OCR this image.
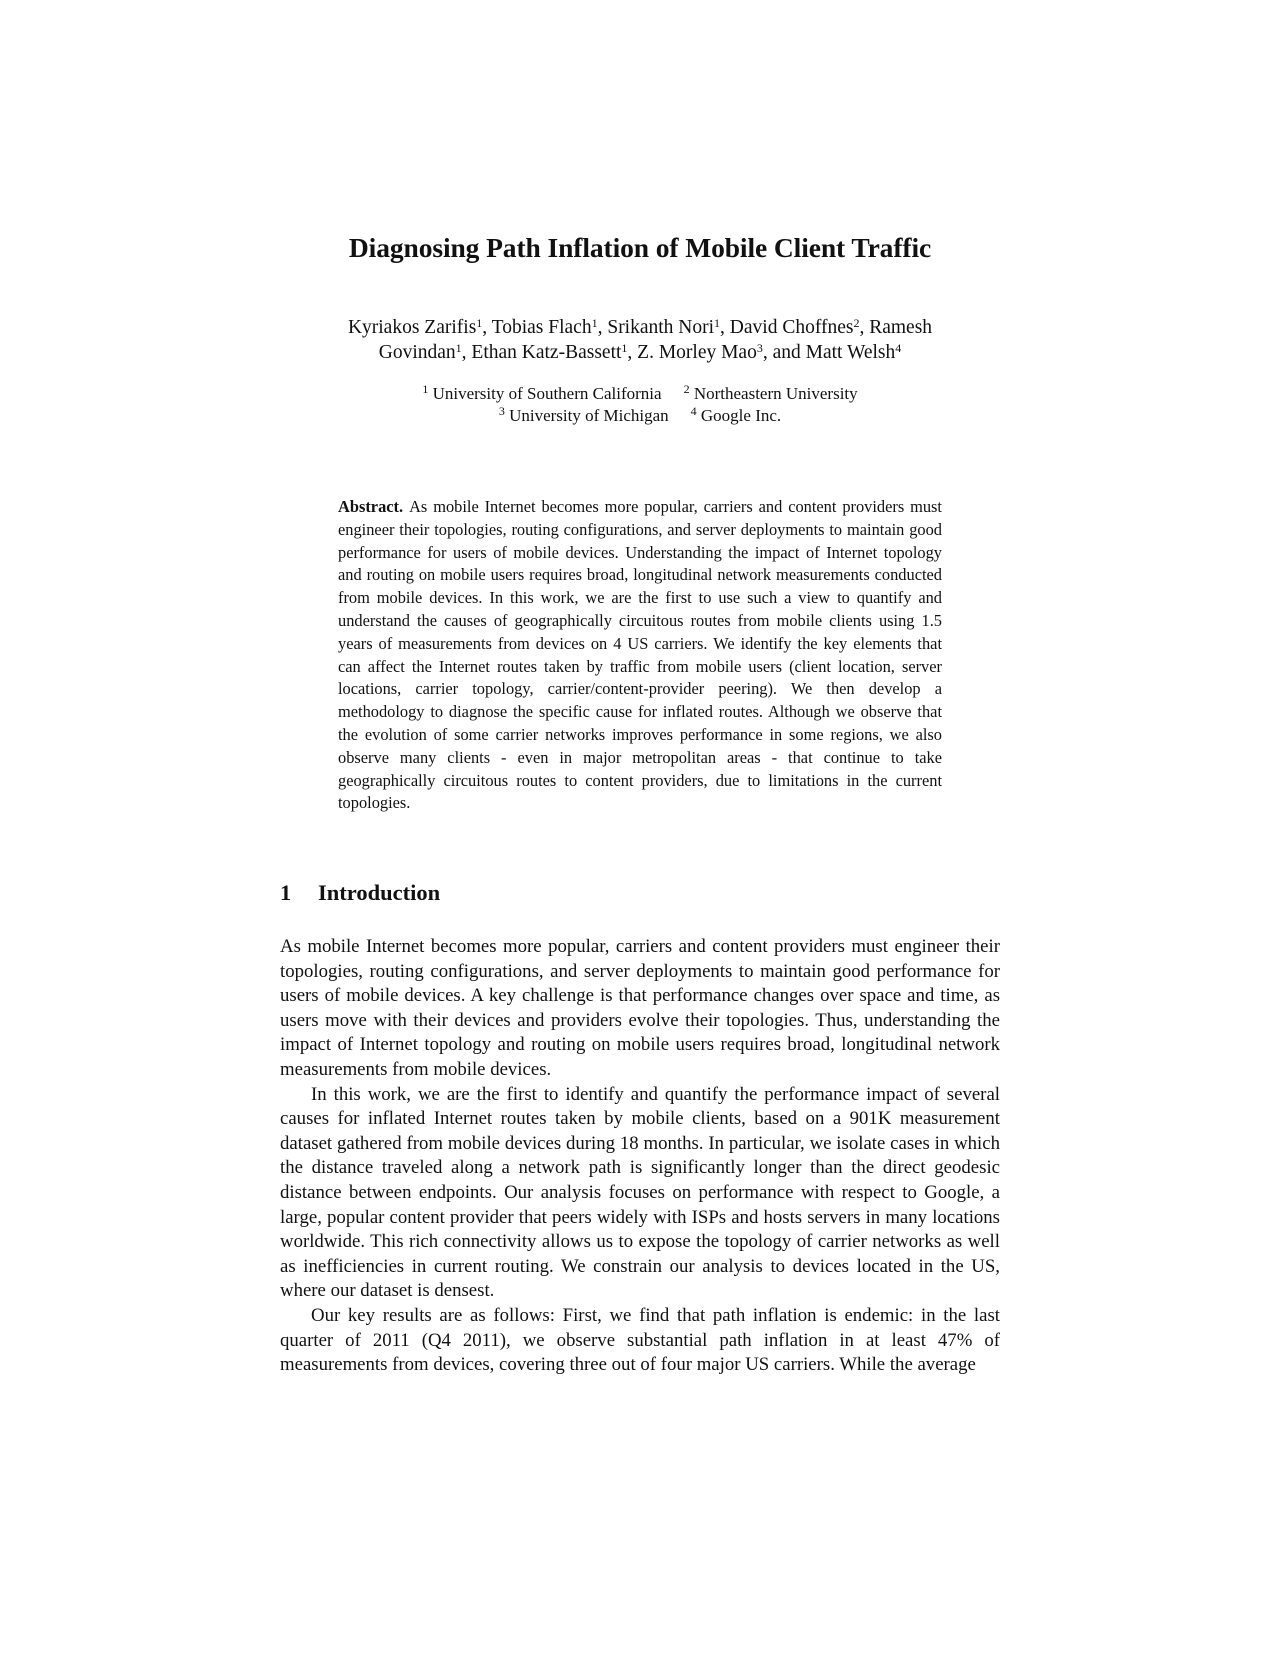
Diagnosing Path Inflation of Mobile Client Traffic
Kyriakos Zarifis$^1$, Tobias Flach$^1$, Srikanth Nori$^1$, David Choffnes$^2$, Ramesh
Govindan$^1$, Ethan Katz-Bassett$^1$, Z. Morley Mao$^3$, and Matt Welsh$^4$
$^1$ University of Southern California $^2$ Northeastern University
$^3$ University of Michigan $^4$ Google Inc.
Abstract. As mobile Internet becomes more popular, carriers and content providers must engineer their topologies, routing configurations, and server deployments to maintain good performance for users of mobile devices. Understanding the impact of Internet topology and routing on mobile users requires broad, longitudinal network measurements conducted from mobile devices. In this work, we are the first to use such a view to quantify and understand the causes of geographically circuitous routes from mobile clients using 1.5 years of measurements from devices on 4 US carriers. We identify the key elements that can affect the Internet routes taken by traffic from mobile users (client location, server locations, carrier topology, carrier/content-provider peering). We then develop a methodology to diagnose the specific cause for inflated routes. Although we observe that the evolution of some carrier networks improves performance in some regions, we also observe many clients - even in major metropolitan areas - that continue to take geographically circuitous routes to content providers, due to limitations in the current topologies.
1 Introduction

As mobile Internet becomes more popular, carriers and content providers must engineer their topologies, routing configurations, and server deployments to maintain good performance for users of mobile devices. A key challenge is that performance changes over space and time, as users move with their devices and providers evolve their topologies. Thus, understanding the impact of Internet topology and routing on mobile users requires broad, longitudinal network measurements from mobile devices.

In this work, we are the first to identify and quantify the performance impact of several causes for inflated Internet routes taken by mobile clients, based on a 901K measurement dataset gathered from mobile devices during 18 months. In particular, we isolate cases in which the distance traveled along a network path is significantly longer than the direct geodesic distance between endpoints. Our analysis focuses on performance with respect to Google, a large, popular content provider that peers widely with ISPs and hosts servers in many locations worldwide. This rich connectivity allows us to expose the topology of carrier networks as well as inefficiencies in current routing. We constrain our analysis to devices located in the US, where our dataset is densest.

Our key results are as follows: First, we find that path inflation is endemic: in the last quarter of 2011 (Q4 2011), we observe substantial path inflation in at least 47% of measurements from devices, covering three out of four major US carriers. While the average
